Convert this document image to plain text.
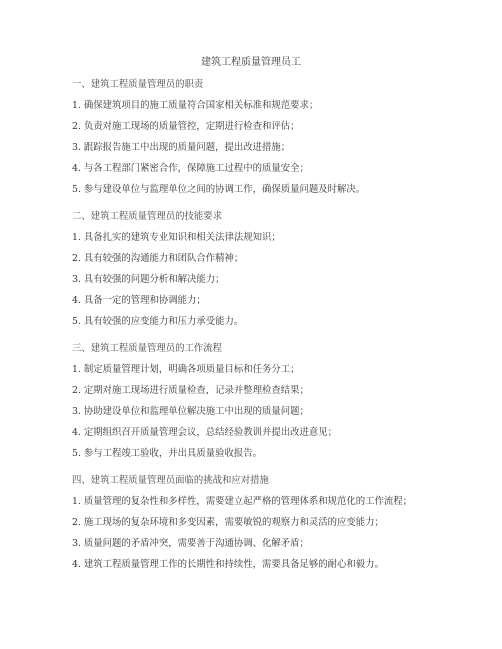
建筑工程质量管理员工
一、建筑工程质量管理员的职责
1. 确保建筑项目的施工质量符合国家相关标准和规范要求；
2. 负责对施工现场的质量管控，定期进行检查和评估；
3. 跟踪报告施工中出现的质量问题，提出改进措施；
4. 与各工程部门紧密合作，保障施工过程中的质量安全；
5. 参与建设单位与监理单位之间的协调工作，确保质量问题及时解决。
二、建筑工程质量管理员的技能要求
1. 具备扎实的建筑专业知识和相关法律法规知识；
2. 具有较强的沟通能力和团队合作精神；
3. 具有较强的问题分析和解决能力；
4. 具备一定的管理和协调能力；
5. 具有较强的应变能力和压力承受能力。
三、建筑工程质量管理员的工作流程
1. 制定质量管理计划，明确各项质量目标和任务分工；
2. 定期对施工现场进行质量检查，记录并整理检查结果；
3. 协助建设单位和监理单位解决施工中出现的质量问题；
4. 定期组织召开质量管理会议，总结经验教训并提出改进意见；
5. 参与工程竣工验收，并出具质量验收报告。
四、建筑工程质量管理员面临的挑战和应对措施
1. 质量管理的复杂性和多样性，需要建立起严格的管理体系和规范化的工作流程；
2. 施工现场的复杂环境和多变因素，需要敏锐的观察力和灵活的应变能力；
3. 质量问题的矛盾冲突，需要善于沟通协调、化解矛盾；
4. 建筑工程质量管理工作的长期性和持续性，需要具备足够的耐心和毅力。
